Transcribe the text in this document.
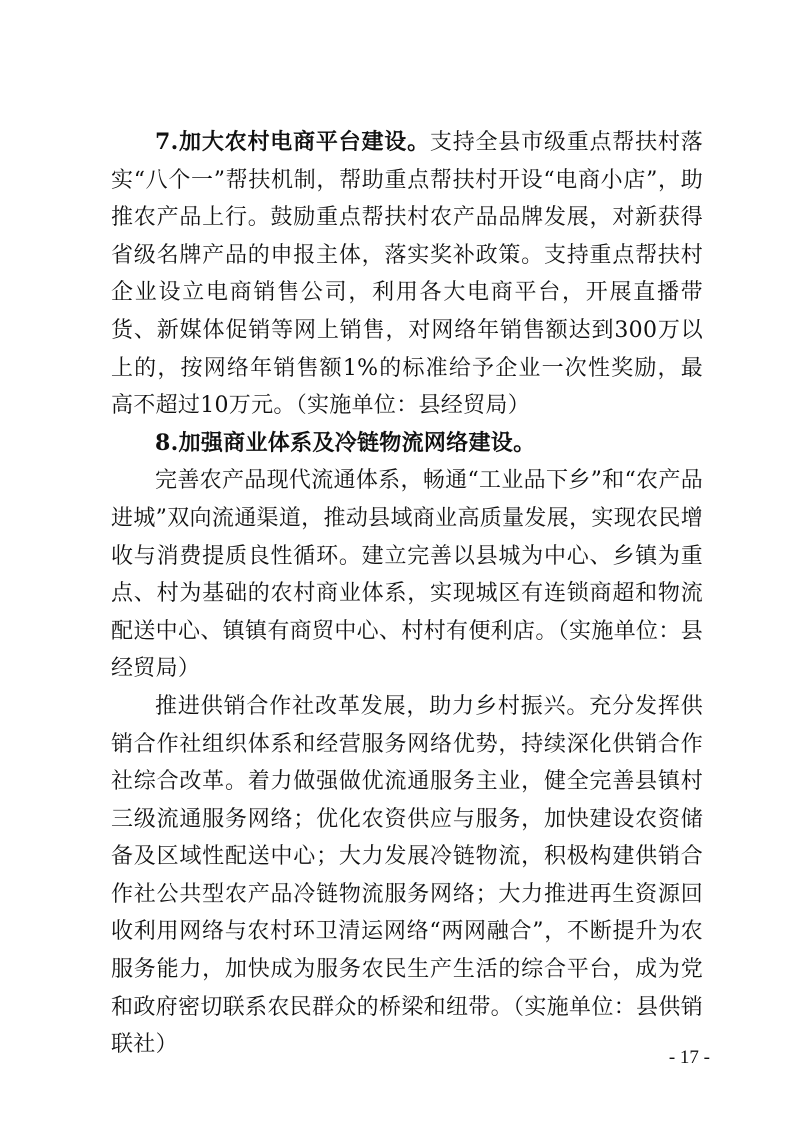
7.加大农村电商平台建设。支持全县市级重点帮扶村落实“八个一”帮扶机制，帮助重点帮扶村开设“电商小店”，助推农产品上行。鼓励重点帮扶村农产品品牌发展，对新获得省级名牌产品的申报主体，落实奖补政策。支持重点帮扶村企业设立电商销售公司，利用各大电商平台，开展直播带货、新媒体促销等网上销售，对网络年销售额达到300万以上的，按网络年销售额1%的标准给予企业一次性奖励，最高不超过10万元。（实施单位：县经贸局）

8.加强商业体系及冷链物流网络建设。

完善农产品现代流通体系，畅通“工业品下乡”和“农产品进城”双向流通渠道，推动县域商业高质量发展，实现农民增收与消费提质良性循环。建立完善以县城为中心、乡镇为重点、村为基础的农村商业体系，实现城区有连锁商超和物流配送中心、镇镇有商贸中心、村村有便利店。（实施单位：县经贸局）

推进供销合作社改革发展，助力乡村振兴。充分发挥供销合作社组织体系和经营服务网络优势，持续深化供销合作社综合改革。着力做强做优流通服务主业，健全完善县镇村三级流通服务网络；优化农资供应与服务，加快建设农资储备及区域性配送中心；大力发展冷链物流，积极构建供销合作社公共型农产品冷链物流服务网络；大力推进再生资源回收利用网络与农村环卫清运网络“两网融合”，不断提升为农服务能力，加快成为服务农民生产生活的综合平台，成为党和政府密切联系农民群众的桥梁和纽带。（实施单位：县供销联社）

- 17 -
